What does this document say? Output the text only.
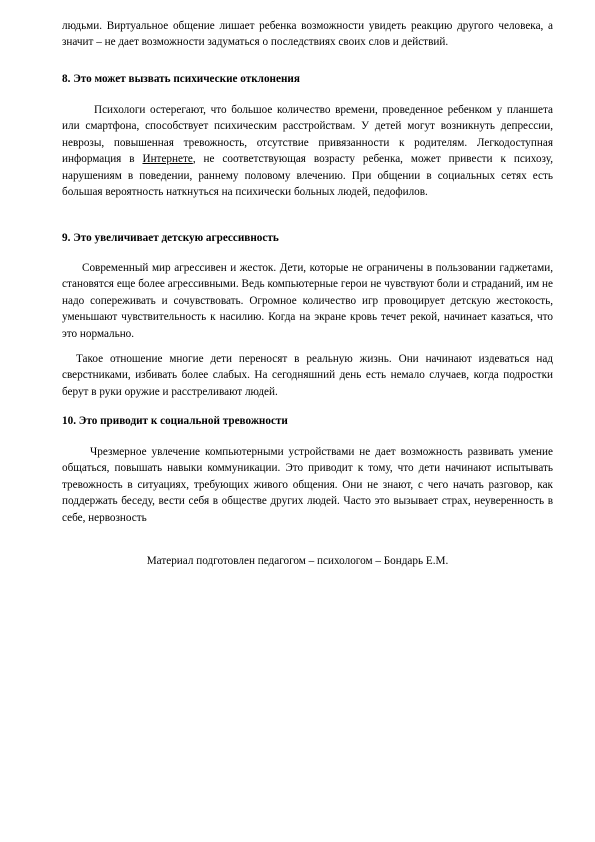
людьми. Виртуальное общение лишает ребенка возможности увидеть реакцию другого человека, а значит – не дает возможности задуматься о последствиях своих слов и действий.

8. Это может вызвать психические отклонения

Психологи остерегают, что большое количество времени, проведенное ребенком у планшета или смартфона, способствует психическим расстройствам. У детей могут возникнуть депрессии, неврозы, повышенная тревожность, отсутствие привязанности к родителям. Легкодоступная информация в Интернете, не соответствующая возрасту ребенка, может привести к психозу, нарушениям в поведении, раннему половому влечению. При общении в социальных сетях есть большая вероятность наткнуться на психически больных людей, педофилов.

9. Это увеличивает детскую агрессивность

Современный мир агрессивен и жесток. Дети, которые не ограничены в пользовании гаджетами, становятся еще более агрессивными. Ведь компьютерные герои не чувствуют боли и страданий, им не надо сопереживать и сочувствовать. Огромное количество игр провоцирует детскую жестокость, уменьшают чувствительность к насилию. Когда на экране кровь течет рекой, начинает казаться, что это нормально.

Такое отношение многие дети переносят в реальную жизнь. Они начинают издеваться над сверстниками, избивать более слабых. На сегодняшний день есть немало случаев, когда подростки берут в руки оружие и расстреливают людей.

10. Это приводит к социальной тревожности

Чрезмерное увлечение компьютерными устройствами не дает возможность развивать умение общаться, повышать навыки коммуникации. Это приводит к тому, что дети начинают испытывать тревожность в ситуациях, требующих живого общения. Они не знают, с чего начать разговор, как поддержать беседу, вести себя в обществе других людей. Часто это вызывает страх, неуверенность в себе, нервозность

Материал подготовлен педагогом – психологом – Бондарь Е.М.
